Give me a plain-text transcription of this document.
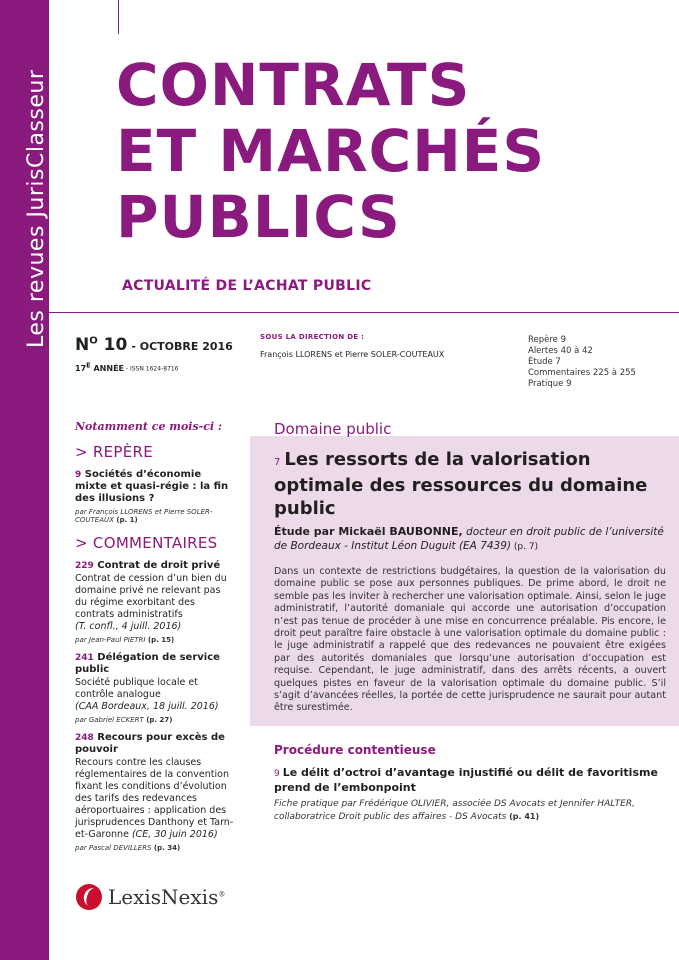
Les revues JurisClasseur CONTRATS
ET MARCHÉS
PUBLICS
ACTUALITÉ DE L’ACHAT PUBLIC
$N^O$ 10 - OCTOBRE 2016
$17^E$ ANNÉE - ISSN 1624-8716
SOUS LA DIRECTION DE :
François LLORENS et Pierre SOLER-COUTEAUX
Repère 9
Alertes 40 à 42
Étude 7
Commentaires 225 à 255
Pratique 9
Notamment ce mois-ci :
> REPÈRE
9 Sociétés d’économie mixte et quasi-régie : la fin des illusions ?
par François LLORENS et Pierre SOLER-COUTEAUX (p. 1)
> COMMENTAIRES
229 Contrat de droit privé
Contrat de cession d’un bien du domaine privé ne relevant pas du régime exorbitant des contrats administratifs
(T. confl., 4 juill. 2016)
par Jean-Paul PIETRI (p. 15)
241 Délégation de service public
Société publique locale et contrôle analogue
(CAA Bordeaux, 18 juill. 2016)
par Gabriel ECKERT (p. 27)
248 Recours pour excès de pouvoir
Recours contre les clauses réglementaires de la convention fixant les conditions d’évolution des tarifs des redevances aéroportuaires : application des jurisprudences Danthony et Tarn-et-Garonne (CE, 30 juin 2016)
par Pascal DEVILLERS (p. 34)
Domaine public
7 Les ressorts de la valorisation optimale des ressources du domaine public
Étude par Mickaël BAUBONNE, docteur en droit public de l’université de Bordeaux - Institut Léon Duguit (EA 7439) (p. 7)
Dans un contexte de restrictions budgétaires, la question de la valorisation du domaine public se pose aux personnes publiques. De prime abord, le droit ne semble pas les inviter à rechercher une valorisation optimale. Ainsi, selon le juge administratif, l’autorité domaniale qui accorde une autorisation d’occupation n’est pas tenue de procéder à une mise en concurrence préalable. Pis encore, le droit peut paraître faire obstacle à une valorisation optimale du domaine public : le juge administratif a rappelé que des redevances ne pouvaient être exigées par des autorités domaniales que lorsqu’une autorisation d’occupation est requise. Cependant, le juge administratif, dans des arrêts récents, a ouvert quelques pistes en faveur de la valorisation optimale du domaine public. S’il s’agit d’avancées réelles, la portée de cette jurisprudence ne saurait pour autant être surestimée.
Procédure contentieuse
9 Le délit d’octroi d’avantage injustifié ou délit de favoritisme prend de l’embonpoint
Fiche pratique par Frédérique OLIVIER, associée DS Avocats et Jennifer HALTER, collaboratrice Droit public des affaires - DS Avocats (p. 41)
LexisNexis®
